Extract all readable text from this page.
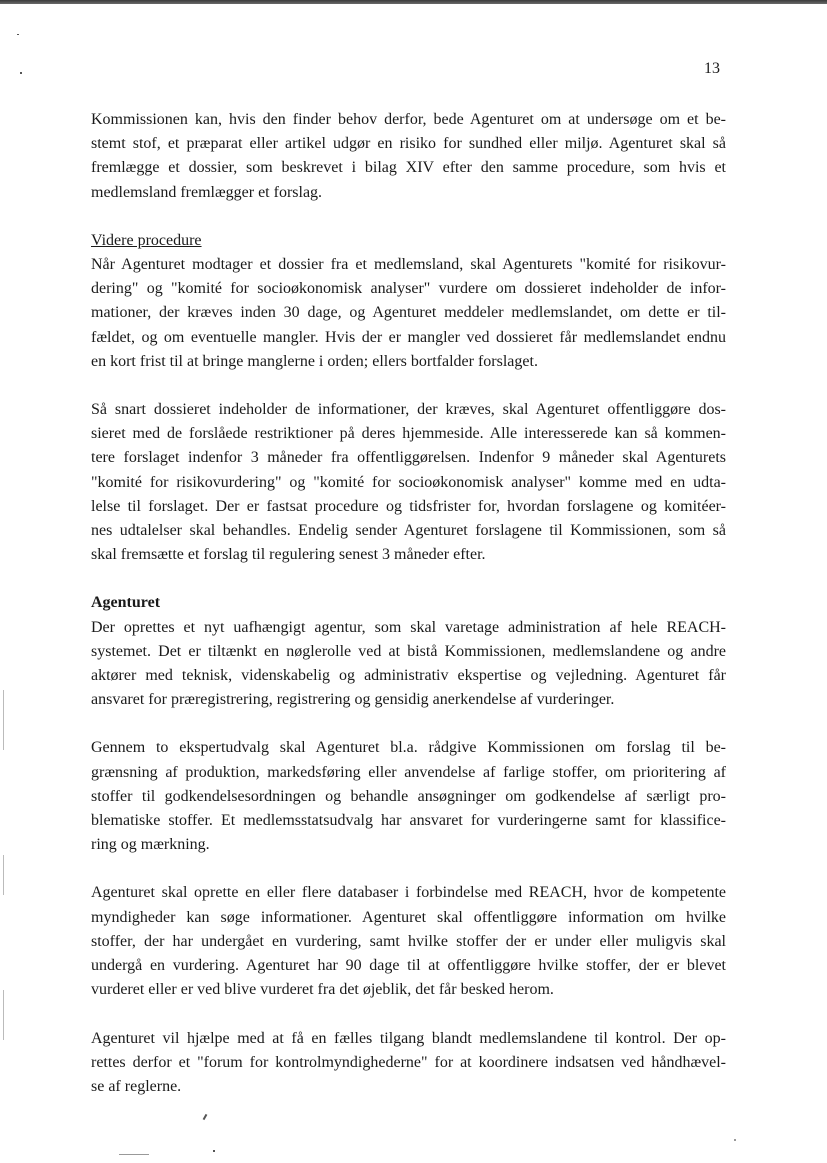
13
Kommissionen kan, hvis den finder behov derfor, bede Agenturet om at undersøge om et be-
stemt stof, et præparat eller artikel udgør en risiko for sundhed eller miljø. Agenturet skal så
fremlægge et dossier, som beskrevet i bilag XIV efter den samme procedure, som hvis et
medlemsland fremlægger et forslag.
Videre procedure
Når Agenturet modtager et dossier fra et medlemsland, skal Agenturets "komité for risikovur-
dering" og "komité for socioøkonomisk analyser" vurdere om dossieret indeholder de infor-
mationer, der kræves inden 30 dage, og Agenturet meddeler medlemslandet, om dette er til-
fældet, og om eventuelle mangler. Hvis der er mangler ved dossieret får medlemslandet endnu
en kort frist til at bringe manglerne i orden; ellers bortfalder forslaget.
Så snart dossieret indeholder de informationer, der kræves, skal Agenturet offentliggøre dos-
sieret med de forslåede restriktioner på deres hjemmeside. Alle interesserede kan så kommen-
tere forslaget indenfor 3 måneder fra offentliggørelsen. Indenfor 9 måneder skal Agenturets
"komité for risikovurdering" og "komité for socioøkonomisk analyser" komme med en udta-
lelse til forslaget. Der er fastsat procedure og tidsfrister for, hvordan forslagene og komitéer-
nes udtalelser skal behandles. Endelig sender Agenturet forslagene til Kommissionen, som så
skal fremsætte et forslag til regulering senest 3 måneder efter.
Agenturet
Der oprettes et nyt uafhængigt agentur, som skal varetage administration af hele REACH-
systemet. Det er tiltænkt en nøglerolle ved at bistå Kommissionen, medlemslandene og andre
aktører med teknisk, videnskabelig og administrativ ekspertise og vejledning. Agenturet får
ansvaret for præregistrering, registrering og gensidig anerkendelse af vurderinger.
Gennem to ekspertudvalg skal Agenturet bl.a. rådgive Kommissionen om forslag til be-
grænsning af produktion, markedsføring eller anvendelse af farlige stoffer, om prioritering af
stoffer til godkendelsesordningen og behandle ansøgninger om godkendelse af særligt pro-
blematiske stoffer. Et medlemsstatsudvalg har ansvaret for vurderingerne samt for klassifice-
ring og mærkning.
Agenturet skal oprette en eller flere databaser i forbindelse med REACH, hvor de kompetente
myndigheder kan søge informationer. Agenturet skal offentliggøre information om hvilke
stoffer, der har undergået en vurdering, samt hvilke stoffer der er under eller muligvis skal
undergå en vurdering. Agenturet har 90 dage til at offentliggøre hvilke stoffer, der er blevet
vurderet eller er ved blive vurderet fra det øjeblik, det får besked herom.
Agenturet vil hjælpe med at få en fælles tilgang blandt medlemslandene til kontrol. Der op-
rettes derfor et "forum for kontrolmyndighederne" for at koordinere indsatsen ved håndhævel-
se af reglerne.
